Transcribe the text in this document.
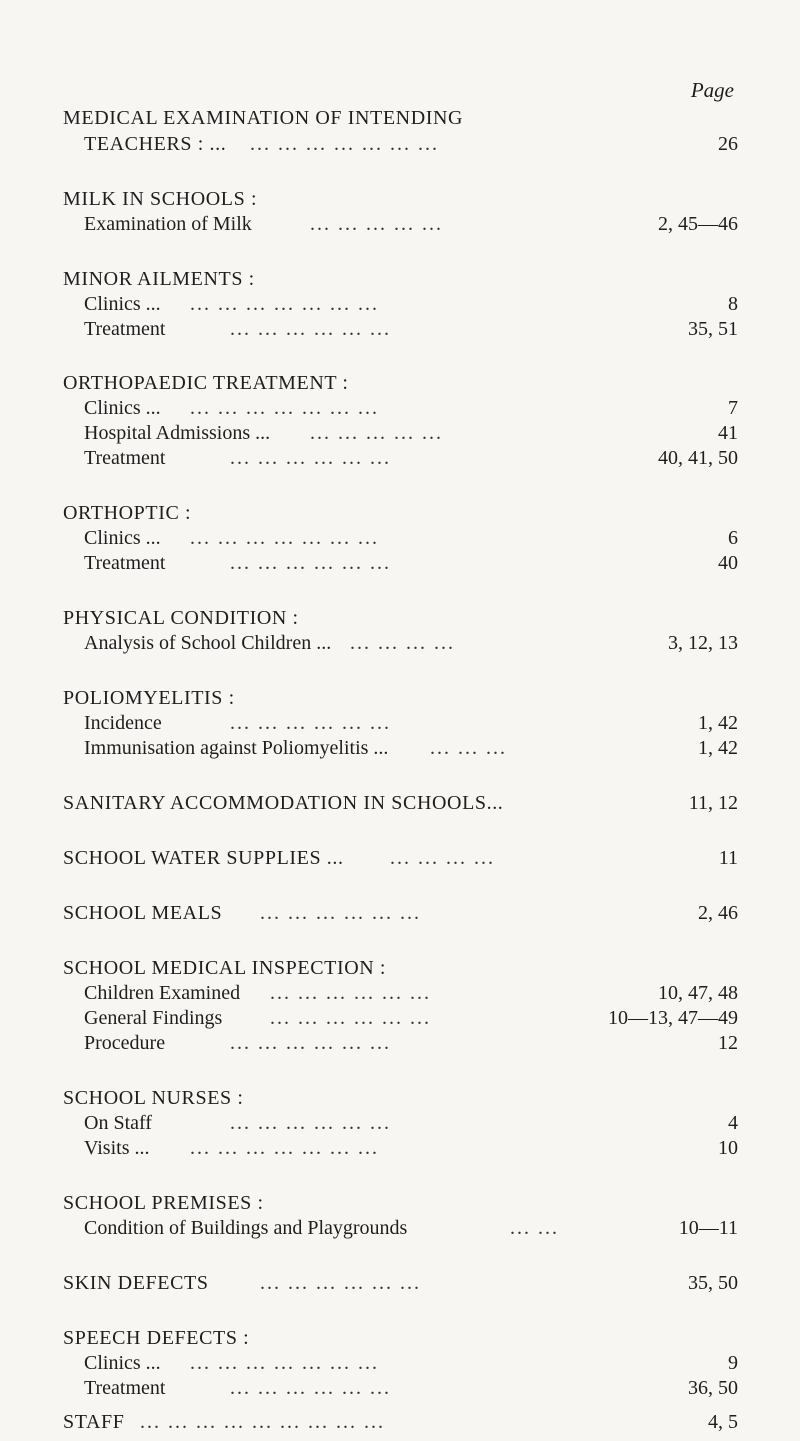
Page
MEDICAL EXAMINATION OF INTENDING
TEACHERS : ... ... ... ... ... ... ... ...	26
MILK IN SCHOOLS :
Examination of Milk	... ... ... ... ...	2, 45—46
MINOR AILMENTS :
Clinics ... ... ... ... ... ... ... ...	8
Treatment	... ... ... ... ... ...	35, 51
ORTHOPAEDIC TREATMENT :
Clinics ... ... ... ... ... ... ... ...	7
Hospital Admissions ... ... ... ... ... ...	41
Treatment	... ... ... ... ... ...	40, 41, 50
ORTHOPTIC :
Clinics ... ... ... ... ... ... ... ...	6
Treatment	... ... ... ... ... ...	40
PHYSICAL CONDITION :
Analysis of School Children ... ... ... ... ...	3, 12, 13
POLIOMYELITIS :
Incidence	... ... ... ... ... ...	1, 42
Immunisation against Poliomyelitis ... ... ... ...	1, 42
SANITARY ACCOMMODATION IN SCHOOLS...	11, 12
SCHOOL WATER SUPPLIES ... ... ... ... ...	11
SCHOOL MEALS ... ... ... ... ... ...	2, 46
SCHOOL MEDICAL INSPECTION :
Children Examined ... ... ... ... ... ...	10, 47, 48
General Findings ... ... ... ... ... ...	10—13, 47—49
Procedure	... ... ... ... ... ...	12
SCHOOL NURSES :
On Staff	... ... ... ... ... ...	4
Visits ... ... ... ... ... ... ... ...	10
SCHOOL PREMISES :
Condition of Buildings and Playgrounds	... ...	10—11
SKIN DEFECTS	... ... ... ... ... ...	35, 50
SPEECH DEFECTS :
Clinics ... ... ... ... ... ... ... ...	9
Treatment	... ... ... ... ... ...	36, 50
STAFF ... ... ... ... ... ... ... ... ...	4, 5
